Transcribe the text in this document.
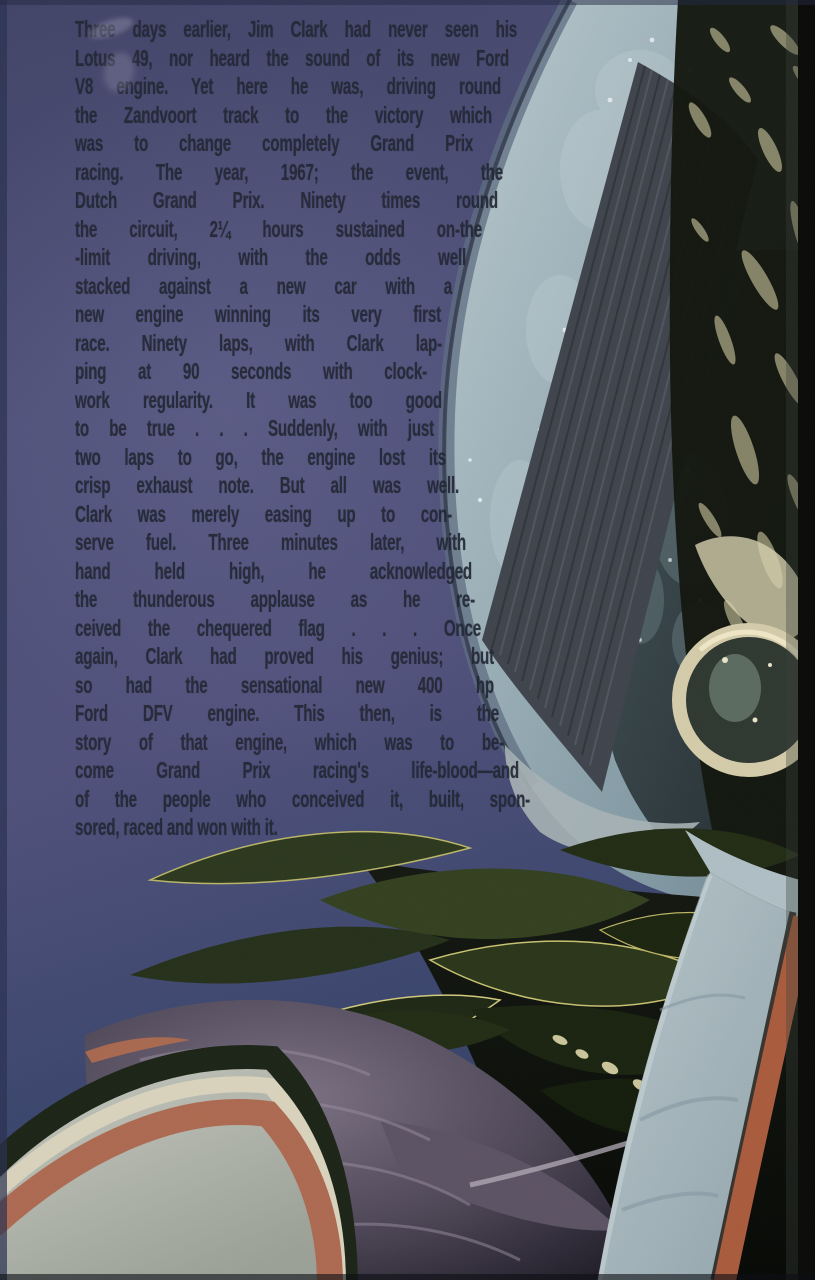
Three days earlier, Jim Clark had never seen his
Lotus 49, nor heard the sound of its new Ford
V8 engine. Yet here he was, driving round
the Zandvoort track to the victory which
was to change completely Grand Prix
racing. The year, 1967; the event, the
Dutch Grand Prix. Ninety times round
the circuit, 2¼ hours sustained on-the
-limit driving, with the odds well
stacked against a new car with a
new engine winning its very first
race. Ninety laps, with Clark lap-
ping at 90 seconds with clock-
work regularity. It was too good
to be true . . . Suddenly, with just
two laps to go, the engine lost its
crisp exhaust note. But all was well.
Clark was merely easing up to con-
serve fuel. Three minutes later, with
hand held high, he acknowledged
the thunderous applause as he re-
ceived the chequered flag . . . Once
again, Clark had proved his genius; but
so had the sensational new 400 hp
Ford DFV engine. This then, is the
story of that engine, which was to be-
come Grand Prix racing's life-blood—and
of the people who conceived it, built, spon-
sored, raced and won with it.
